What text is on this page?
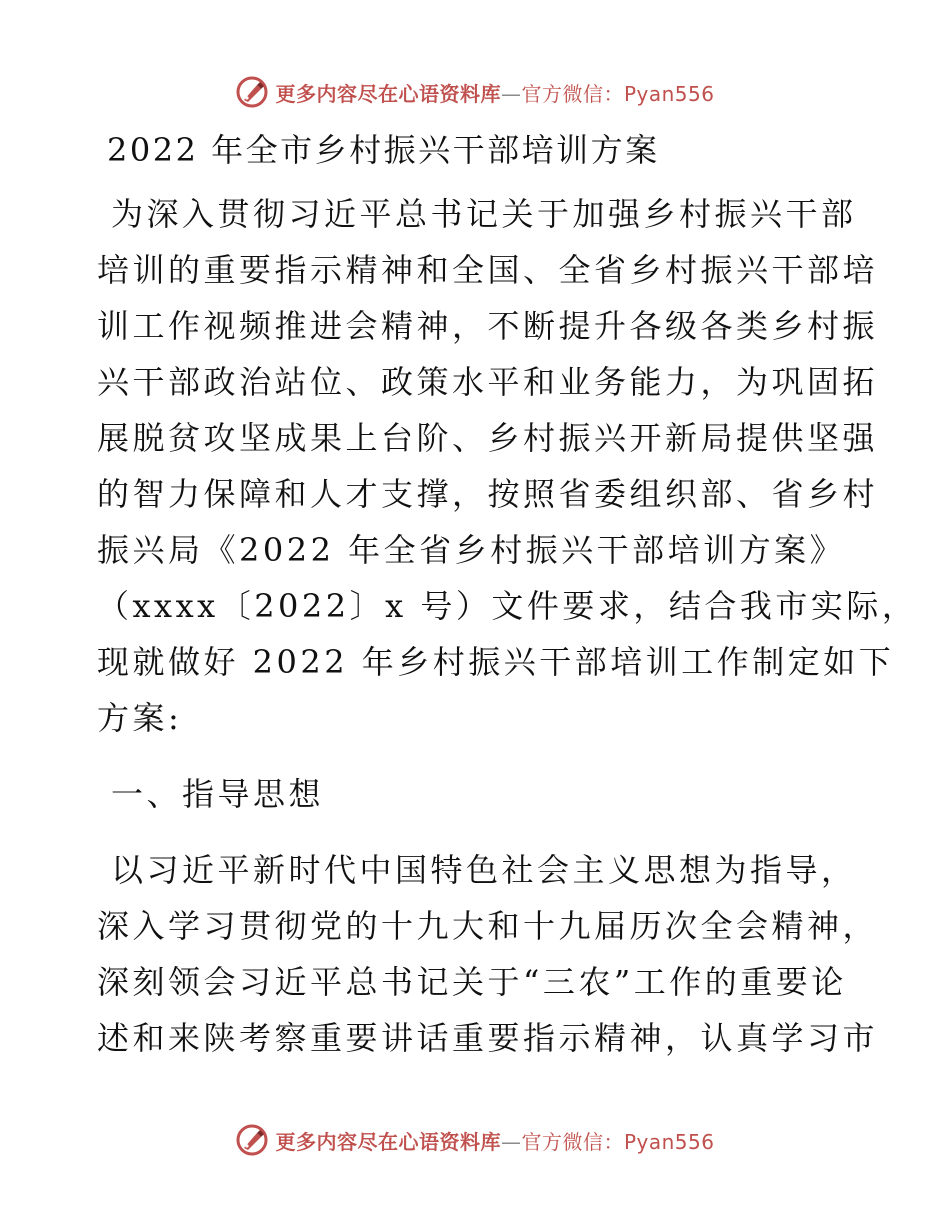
更多内容尽在心语资料库—官方微信：Pyan556
2022 年全市乡村振兴干部培训方案
为深入贯彻习近平总书记关于加强乡村振兴干部
培训的重要指示精神和全国、全省乡村振兴干部培
训工作视频推进会精神，不断提升各级各类乡村振
兴干部政治站位、政策水平和业务能力，为巩固拓
展脱贫攻坚成果上台阶、乡村振兴开新局提供坚强
的智力保障和人才支撑，按照省委组织部、省乡村
振兴局《2022 年全省乡村振兴干部培训方案》
（xxxx〔2022〕x 号）文件要求，结合我市实际，
现就做好 2022 年乡村振兴干部培训工作制定如下
方案:
一、指导思想
以习近平新时代中国特色社会主义思想为指导，
深入学习贯彻党的十九大和十九届历次全会精神，
深刻领会习近平总书记关于“三农”工作的重要论
述和来陕考察重要讲话重要指示精神，认真学习市
更多内容尽在心语资料库—官方微信：Pyan556
